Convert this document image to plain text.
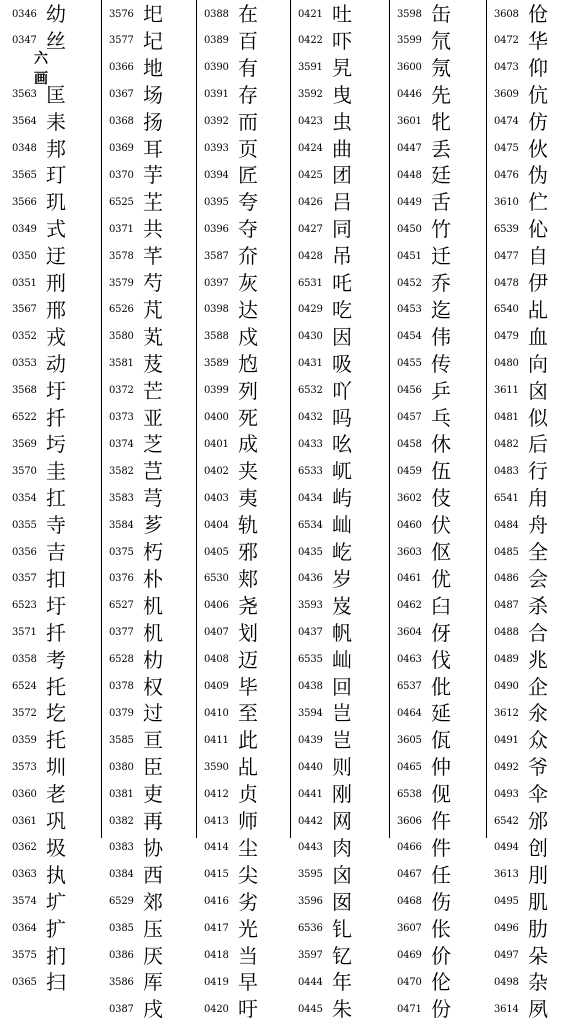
0346 幼
0347 丝
六画
3563 匡
3564 耒
0348 邦
3565 玎
3566 玑
0349 式
0350 迂
0351 刑
3567 邢
0352 戎
0353 动
3568 圩
6522 扦
3569 圬
3570 圭
0354 扛
0355 寺
0356 吉
0357 扣
6523 圩
3571 扦
0358 考
6524 托
3572 圪
0359 托
3573 圳
0360 老
0361 巩
0362 圾
0363 执
3574 圹
0364 扩
3575 扪
0365 扫
3576 圯
3577 圮
0366 地
0367 场
0368 扬
0369 耳
0370 芋
6525 芏
0371 共
3578 芊
3579 芍
6526 芃
3580 芄
3581 芨
0372 芒
0373 亚
0374 芝
3582 芑
3583 芎
3584 芗
0375 朽
0376 朴
6527 机
0377 机
6528 朸
0378 权
0379 过
3585 亘
0380 臣
0381 吏
0382 再
0383 协
0384 西
6529 郊
0385 压
0386 厌
3586 厍
0387 戌
0388 在
0389 百
0390 有
0391 存
0392 而
0393 页
0394 匠
0395 夸
0396 夺
3587 夼
0397 灰
0398 达
3588 戍
3589 尥
0399 列
0400 死
0401 成
0402 夹
0403 夷
0404 轨
0405 邪
6530 郏
0406 尧
0407 划
0408 迈
0409 毕
0410 至
0411 此
3590 乩
0412 贞
0413 师
0414 尘
0415 尖
0416 劣
0417 光
0418 当
0419 早
0420 吁
0421 吐
0422 吓
3591 旯
3592 曳
0423 虫
0424 曲
0425 团
0426 吕
0427 同
0428 吊
6531 吒
0429 吃
0430 因
0431 吸
6532 吖
0432 吗
0433 吆
6533 屼
0434 屿
6534 屾
0435 屹
0436 岁
3593 岌
0437 帆
6535 屾
0438 回
3594 岂
0439 岂
0440 则
0441 刚
0442 网
0443 肉
3595 囟
3596 囡
6536 钆
3597 钇
0444 年
0445 朱
3598 缶
3599 氘
3600 氖
0446 先
3601 牝
0447 丢
0448 廷
0449 舌
0450 竹
0451 迁
0452 乔
0453 迄
0454 伟
0455 传
0456 乒
0457 乓
0458 休
0459 伍
3602 伎
0460 伏
3603 伛
0461 优
0462 臼
3604 伢
0463 伐
6537 仳
0464 延
3605 佤
0465 仲
6538 伣
3606 仵
0466 件
0467 任
0468 伤
3607 伥
0469 价
0470 伦
0471 份
3608 伧
0472 华
0473 仰
3609 伉
0474 仿
0475 伙
0476 伪
3610 伫
6539 伈
0477 自
0478 伊
6540 乩
0479 血
0480 向
3611 囟
0481 似
0482 后
0483 行
6541 甪
0484 舟
0485 全
0486 会
0487 杀
0488 合
0489 兆
0490 企
3612 氽
0491 众
0492 爷
0493 伞
6542 邠
0494 创
3613 刖
0495 肌
0496 肋
0497 朵
0498 杂
3614 夙
